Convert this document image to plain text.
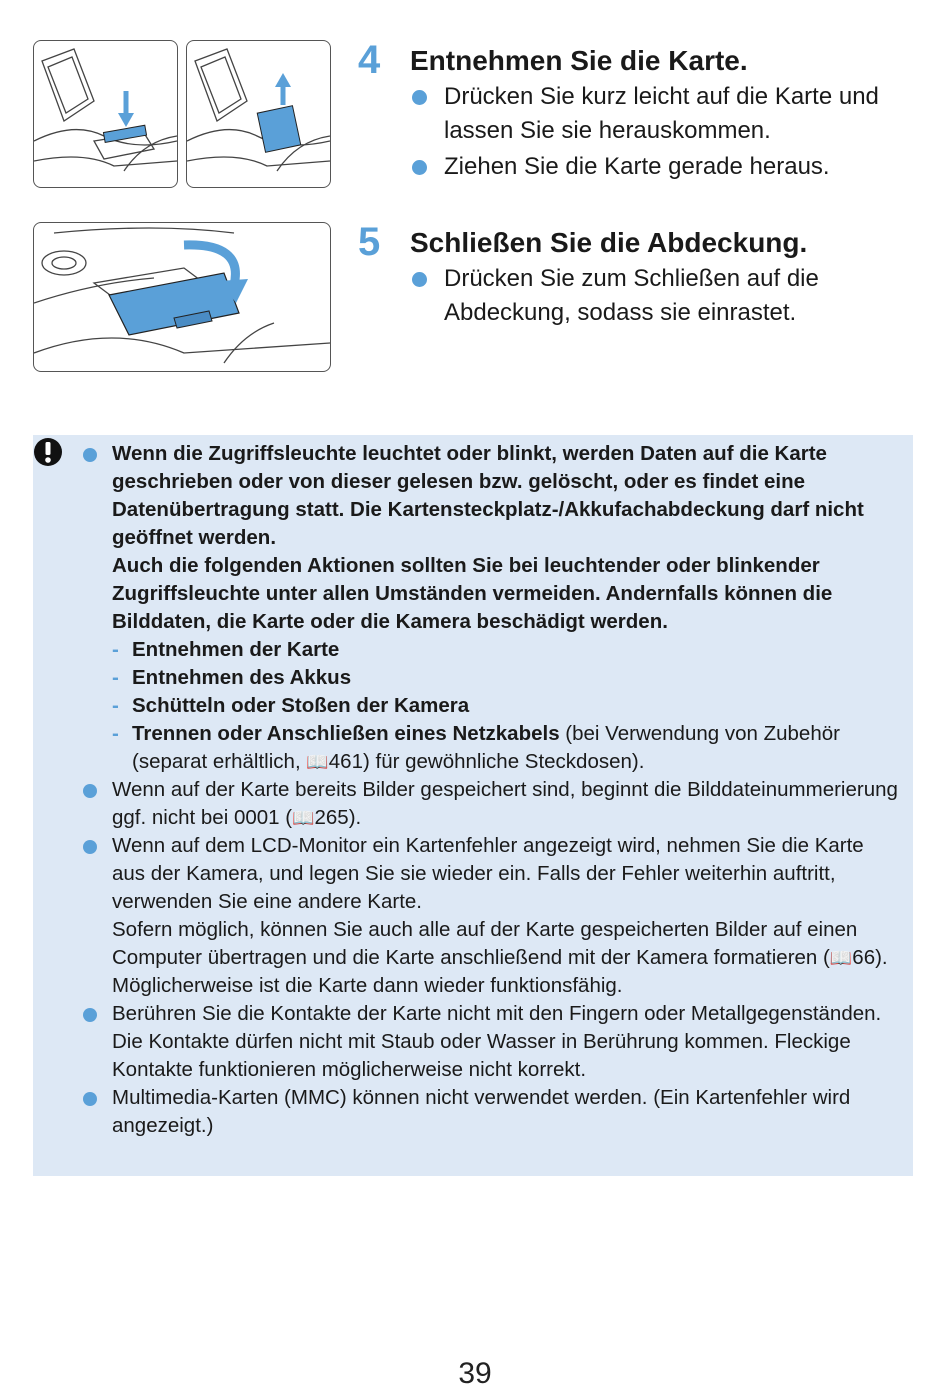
4 Entnehmen Sie die Karte.
Drücken Sie kurz leicht auf die Karte und lassen Sie sie herauskommen.
Ziehen Sie die Karte gerade heraus.
5 Schließen Sie die Abdeckung.
Drücken Sie zum Schließen auf die Abdeckung, sodass sie einrastet.
Wenn die Zugriffsleuchte leuchtet oder blinkt, werden Daten auf die Karte geschrieben oder von dieser gelesen bzw. gelöscht, oder es findet eine Datenübertragung statt. Die Kartensteckplatz-/Akkufachabdeckung darf nicht geöffnet werden.
Auch die folgenden Aktionen sollten Sie bei leuchtender oder blinkender Zugriffsleuchte unter allen Umständen vermeiden. Andernfalls können die Bilddaten, die Karte oder die Kamera beschädigt werden.
- Entnehmen der Karte
- Entnehmen des Akkus
- Schütteln oder Stoßen der Kamera
- Trennen oder Anschließen eines Netzkabels (bei Verwendung von Zubehör (separat erhältlich, 📖461) für gewöhnliche Steckdosen).
Wenn auf der Karte bereits Bilder gespeichert sind, beginnt die Bilddateinummerierung ggf. nicht bei 0001 (📖265).
Wenn auf dem LCD-Monitor ein Kartenfehler angezeigt wird, nehmen Sie die Karte aus der Kamera, und legen Sie sie wieder ein. Falls der Fehler weiterhin auftritt, verwenden Sie eine andere Karte.
Sofern möglich, können Sie auch alle auf der Karte gespeicherten Bilder auf einen Computer übertragen und die Karte anschließend mit der Kamera formatieren (📖66). Möglicherweise ist die Karte dann wieder funktionsfähig.
Berühren Sie die Kontakte der Karte nicht mit den Fingern oder Metallgegenständen. Die Kontakte dürfen nicht mit Staub oder Wasser in Berührung kommen. Fleckige Kontakte funktionieren möglicherweise nicht korrekt.
Multimedia-Karten (MMC) können nicht verwendet werden. (Ein Kartenfehler wird angezeigt.)
39
